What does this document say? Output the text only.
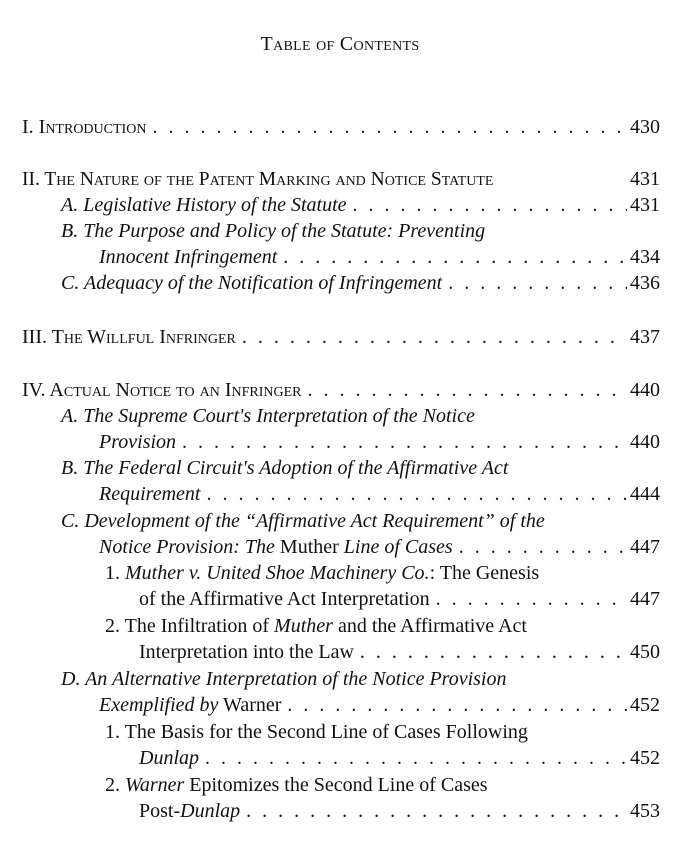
Table of Contents
I. Introduction . . .	430
II. The Nature of the Patent Marking and Notice Statute	431
A. Legislative History of the Statute . . .	431
B. The Purpose and Policy of the Statute: Preventing
Innocent Infringement . . .	434
C. Adequacy of the Notification of Infringement . . .	436
III. The Willful Infringer . . .	437
IV. Actual Notice to an Infringer . . .	440
A. The Supreme Court's Interpretation of the Notice
Provision . . .	440
B. The Federal Circuit's Adoption of the Affirmative Act
Requirement . . .	444
C. Development of the “Affirmative Act Requirement” of the
Notice Provision: The Muther Line of Cases . . .	447
1. Muther v. United Shoe Machinery Co.: The Genesis
of the Affirmative Act Interpretation . . .	447
2. The Infiltration of Muther and the Affirmative Act
Interpretation into the Law . . .	450
D. An Alternative Interpretation of the Notice Provision
Exemplified by Warner . . .	452
1. The Basis for the Second Line of Cases Following
Dunlap . . .	452
2. Warner Epitomizes the Second Line of Cases
Post-Dunlap . . .	453
